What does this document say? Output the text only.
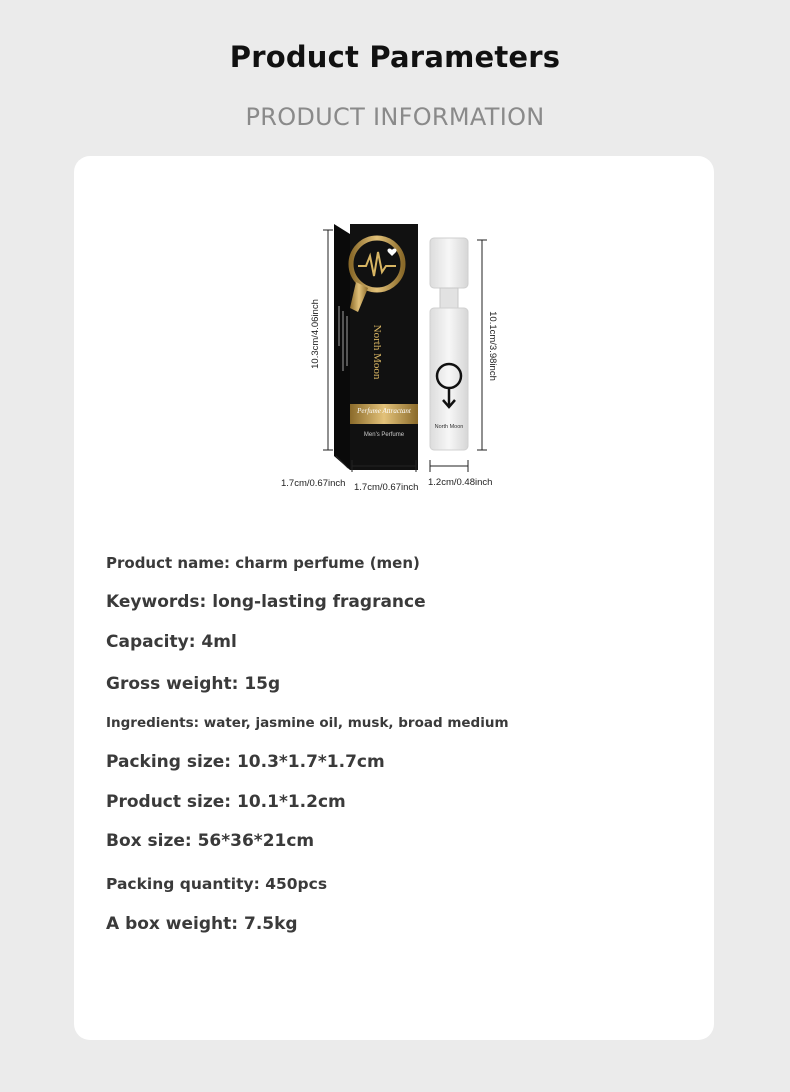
Product Parameters
PRODUCT INFORMATION
10.3cm/4.06inch	North Moon
Perfume Attractant
Men's Perfume
North Moon
10.1cm/3.98inch
1.7cm/0.67inch 1.7cm/0.67inch 1.2cm/0.48inch
Product name: charm perfume (men)
Keywords: long-lasting fragrance
Capacity: 4ml
Gross weight: 15g
Ingredients: water, jasmine oil, musk, broad medium
Packing size: 10.3*1.7*1.7cm
Product size: 10.1*1.2cm
Box size: 56*36*21cm
Packing quantity: 450pcs
A box weight: 7.5kg
